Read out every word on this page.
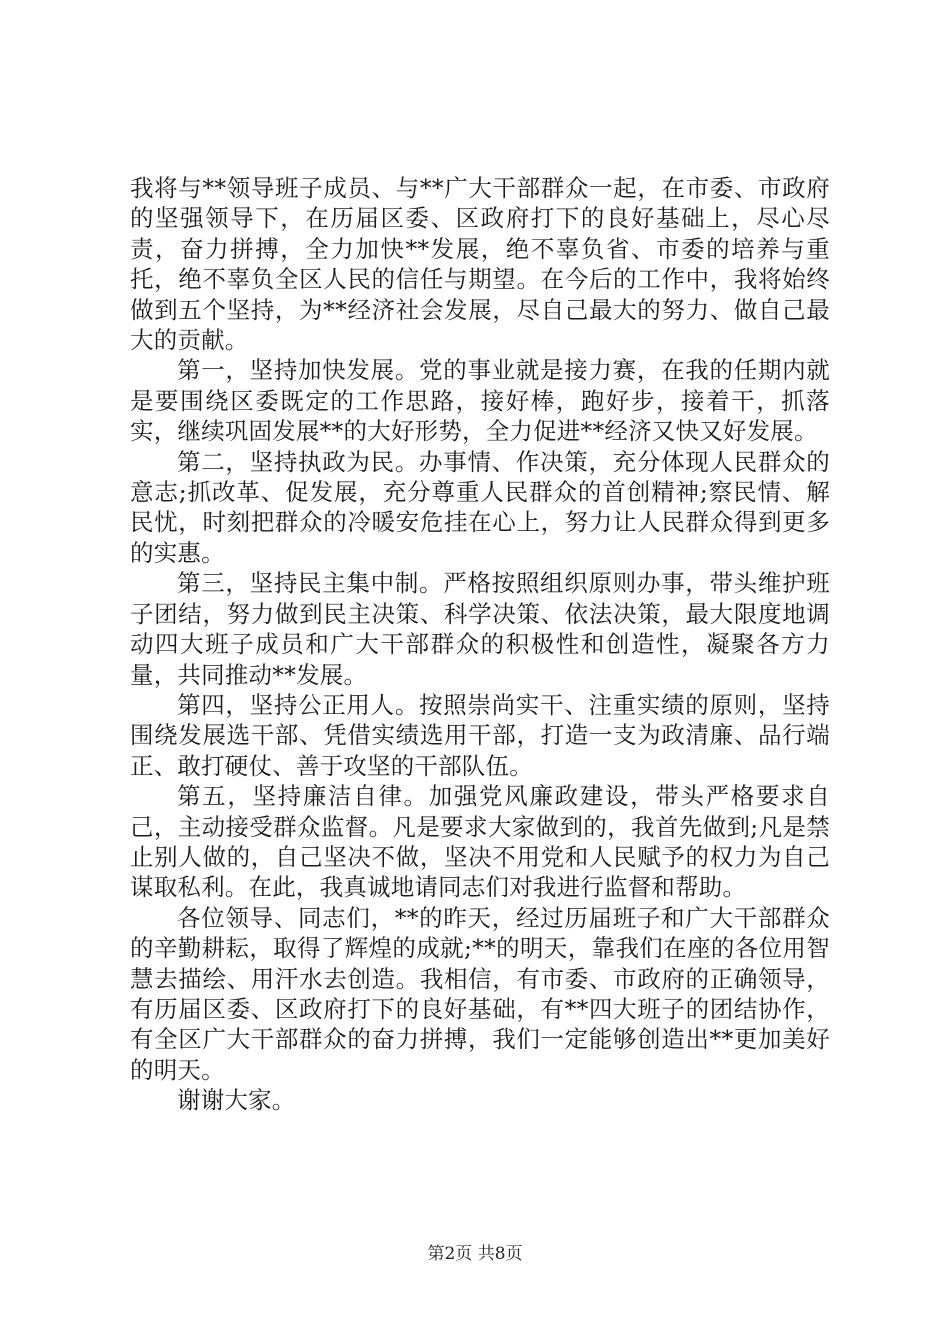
我将与**领导班子成员、与**广大干部群众一起，在市委、市政府的坚强领导下，在历届区委、区政府打下的良好基础上，尽心尽责，奋力拼搏，全力加快**发展，绝不辜负省、市委的培养与重托，绝不辜负全区人民的信任与期望。在今后的工作中，我将始终做到五个坚持，为**经济社会发展，尽自己最大的努力、做自己最大的贡献。

第一，坚持加快发展。党的事业就是接力赛，在我的任期内就是要围绕区委既定的工作思路，接好棒，跑好步，接着干，抓落实，继续巩固发展**的大好形势，全力促进**经济又快又好发展。

第二，坚持执政为民。办事情、作决策，充分体现人民群众的意志;抓改革、促发展，充分尊重人民群众的首创精神;察民情、解民忧，时刻把群众的冷暖安危挂在心上，努力让人民群众得到更多的实惠。

第三，坚持民主集中制。严格按照组织原则办事，带头维护班子团结，努力做到民主决策、科学决策、依法决策，最大限度地调动四大班子成员和广大干部群众的积极性和创造性，凝聚各方力量，共同推动**发展。

第四，坚持公正用人。按照崇尚实干、注重实绩的原则，坚持围绕发展选干部、凭借实绩选用干部，打造一支为政清廉、品行端正、敢打硬仗、善于攻坚的干部队伍。

第五，坚持廉洁自律。加强党风廉政建设，带头严格要求自己，主动接受群众监督。凡是要求大家做到的，我首先做到;凡是禁止别人做的，自己坚决不做，坚决不用党和人民赋予的权力为自己谋取私利。在此，我真诚地请同志们对我进行监督和帮助。

各位领导、同志们，**的昨天，经过历届班子和广大干部群众的辛勤耕耘，取得了辉煌的成就;**的明天，靠我们在座的各位用智慧去描绘、用汗水去创造。我相信，有市委、市政府的正确领导，有历届区委、区政府打下的良好基础，有**四大班子的团结协作，有全区广大干部群众的奋力拼搏，我们一定能够创造出**更加美好的明天。

谢谢大家。

第2页 共8页
